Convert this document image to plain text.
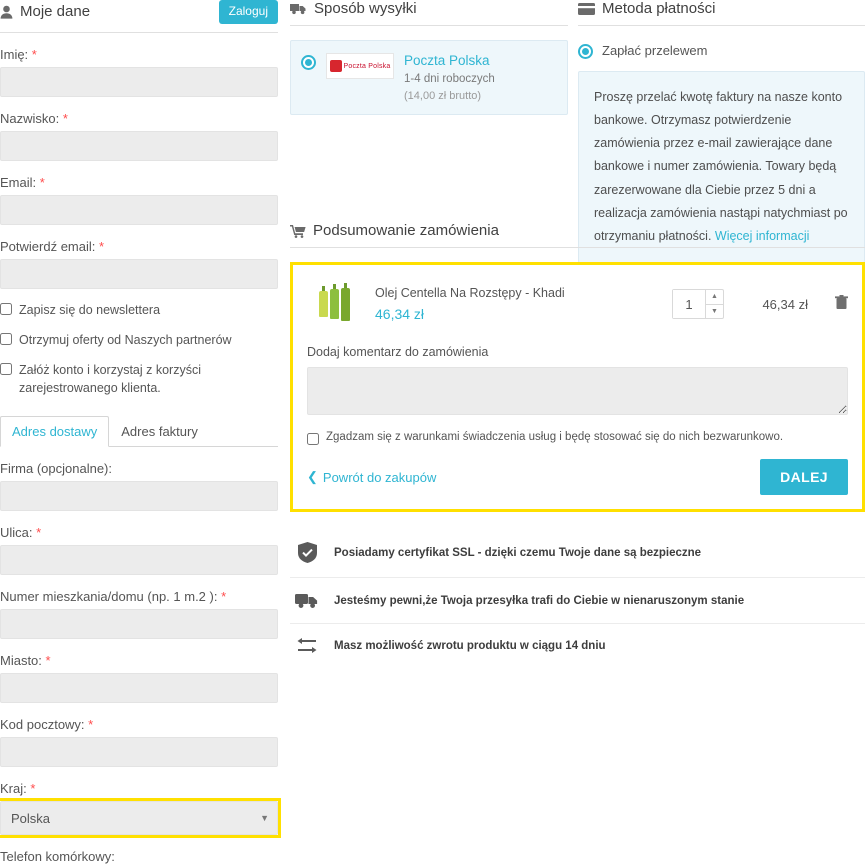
Moje dane	Zaloguj
Imię: *
Nazwisko: *
Email: *
Potwierdź email: *
Zapisz się do newslettera
Otrzymuj oferty od Naszych partnerów
Załóż konto i korzystaj z korzyści zarejestrowanego klienta.
Adres dostawy	Adres faktury
Firma (opcjonalne):
Ulica: *
Numer mieszkania/domu (np. 1 m.2 ): *
Miasto: *
Kod pocztowy: *
Kraj: *
Polska
▼
Telefon komórkowy:
Sposób wysyłki
Poczta Polska Poczta Polska
1-4 dni roboczych
(14,00 zł brutto)
Metoda płatności
Zapłać przelewem
Proszę przelać kwotę faktury na nasze konto bankowe. Otrzymasz potwierdzenie zamówienia przez e-mail zawierające dane bankowe i numer zamówienia. Towary będą zarezerwowane dla Ciebie przez 5 dni a realizacja zamówienia nastąpi natychmiast po otrzymaniu płatności. Więcej informacji
Podsumowanie zamówienia
Olej Centella Na Rozstępy - Khadi
46,34 zł
1
▲
▼	46,34 zł
Dodaj komentarz do zamówienia
Zgadzam się z warunkami świadczenia usług i będę stosować się do nich bezwarunkowo.
❮ Powrót do zakupów	DALEJ
Posiadamy certyfikat SSL - dzięki czemu Twoje dane są bezpieczne
Jesteśmy pewni,że Twoja przesyłka trafi do Ciebie w nienaruszonym stanie
Masz możliwość zwrotu produktu w ciągu 14 dniu
